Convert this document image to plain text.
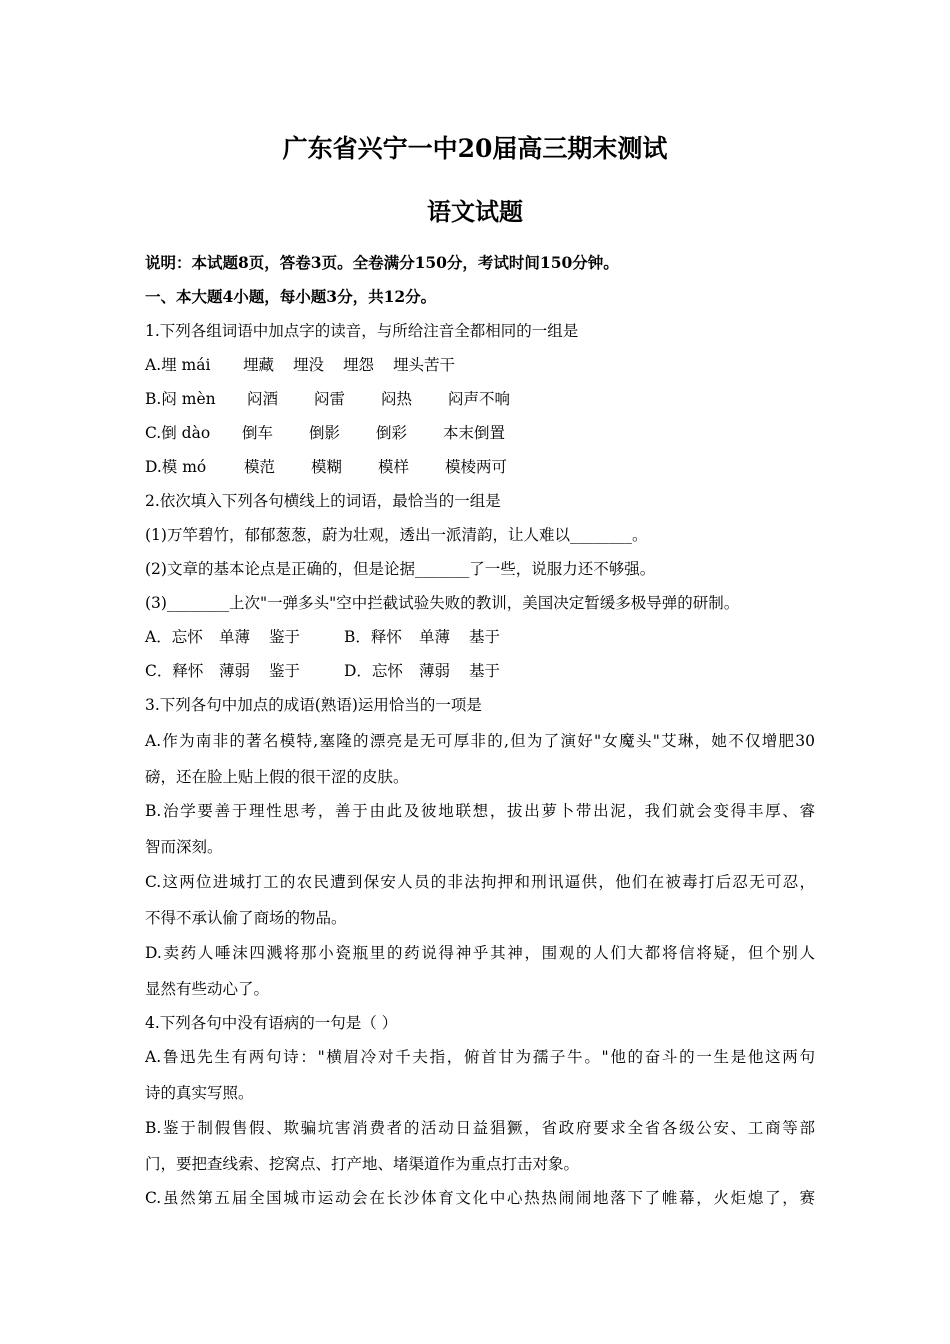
广东省兴宁一中20届高三期末测试
语文试题
说明：本试题8页，答卷3页。全卷满分150分，考试时间150分钟。
一、本大题4小题，每小题3分，共12分。
1.下列各组词语中加点字的读音，与所给注音全都相同的一组是
A.埋 mái 埋藏 埋没 埋怨 埋头苦干
B.闷 mèn 闷酒 闷雷 闷热 闷声不响
C.倒 dào 倒车 倒影 倒彩 本末倒置
D.模 mó 模范 模糊 模样 模棱两可
2.依次填入下列各句横线上的词语，最恰当的一组是
(1)万竿碧竹，郁郁葱葱，蔚为壮观，透出一派清韵，让人难以________。
(2)文章的基本论点是正确的，但是论据_______了一些，说服力还不够强。
(3)________上次"一弹多头"空中拦截试验失败的教训，美国决定暂缓多极导弹的研制。
A．忘怀 单薄 鉴于	B．释怀 单薄 基于
C．释怀 薄弱 鉴于	D．忘怀 薄弱 基于
3.下列各句中加点的成语(熟语)运用恰当的一项是
A.作为南非的著名模特,塞隆的漂亮是无可厚非的,但为了演好"女魔头"艾琳，她不仅增肥30
磅，还在脸上贴上假的很干涩的皮肤。
B.治学要善于理性思考，善于由此及彼地联想，拔出萝卜带出泥，我们就会变得丰厚、睿
智而深刻。
C.这两位进城打工的农民遭到保安人员的非法拘押和刑讯逼供，他们在被毒打后忍无可忍，
不得不承认偷了商场的物品。
D.卖药人唾沫四溅将那小瓷瓶里的药说得神乎其神，围观的人们大都将信将疑，但个别人
显然有些动心了。
4.下列各句中没有语病的一句是（ ）
A.鲁迅先生有两句诗："横眉冷对千夫指，俯首甘为孺子牛。"他的奋斗的一生是他这两句
诗的真实写照。
B.鉴于制假售假、欺骗坑害消费者的活动日益猖獗，省政府要求全省各级公安、工商等部
门，要把查线索、挖窝点、打产地、堵渠道作为重点打击对象。
C.虽然第五届全国城市运动会在长沙体育文化中心热热闹闹地落下了帷幕，火炬熄了，赛
